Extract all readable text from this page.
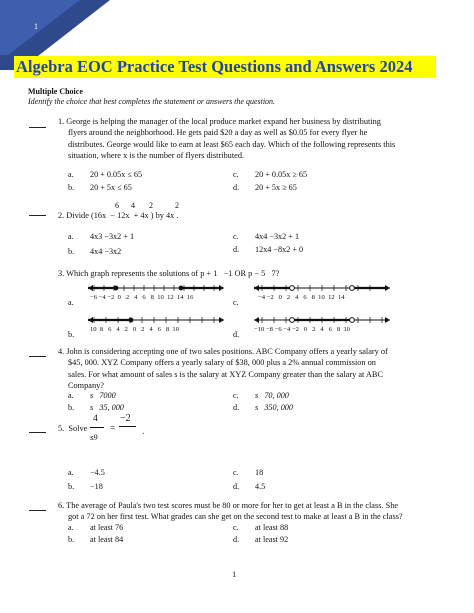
1
Algebra EOC Practice Test Questions and Answers 2024
Multiple Choice
Identify the choice that best completes the statement or answers the question.
1. George is helping the manager of the local produce market expand her business by distributing
flyers around the neighborhood. He gets paid $20 a day as well as $0.05 for every flyer he
distributes. George would like to earn at least $65 each day. Which of the following represents this
situation, where x is the number of flyers distributed.
a. 20 + 0.05x ≤ 65	c. 20 + 0.05x ≥ 65
b. 20 + 5x ≤ 65	d. 20 + 5x ≥ 65
6      4       2           2
2. Divide (16x  − 12x  + 4x ) by 4x .
a. 4x3 −3x2 + 1	c. 4x4 −3x2 + 1
b. 4x4 −3x2	d. 12x4 −8x2 + 0
3. Which graph represents the solutions of p + 1   −1 OR p − 5   7?
a.	c.
b.	d.
−6 −4 −2  0   2   4   6   8  10  12  14  16	−4 −2   0   2   4   6   8  10  12  14
10  8   6   4   2   0   2   4   6   8  10	−10 −8 −6 −4 −2   0   2   4   6   8  10
4. John is considering accepting one of two sales positions. ABC Company offers a yearly salary of
$45, 000. XYZ Company offers a yearly salary of $38, 000 plus a 2% annual commission on
sales. For what amount of sales s is the salary at XYZ Company greater than the salary at ABC
Company?
a. s   7000	c. s   70, 000
b. s   35, 000	d. s   350, 000
5.  Solve
4
s9
=
−2
.
a. −4.5	c. 18
b. −18	d. 4.5
6. The average of Paula's two test scores must be 80 or more for her to get at least a B in the class. She
got a 72 on her first test. What grades can she get on the second test to make at least a B in the class?
a. at least 76	c. at least 88
b. at least 84	d. at least 92
1
